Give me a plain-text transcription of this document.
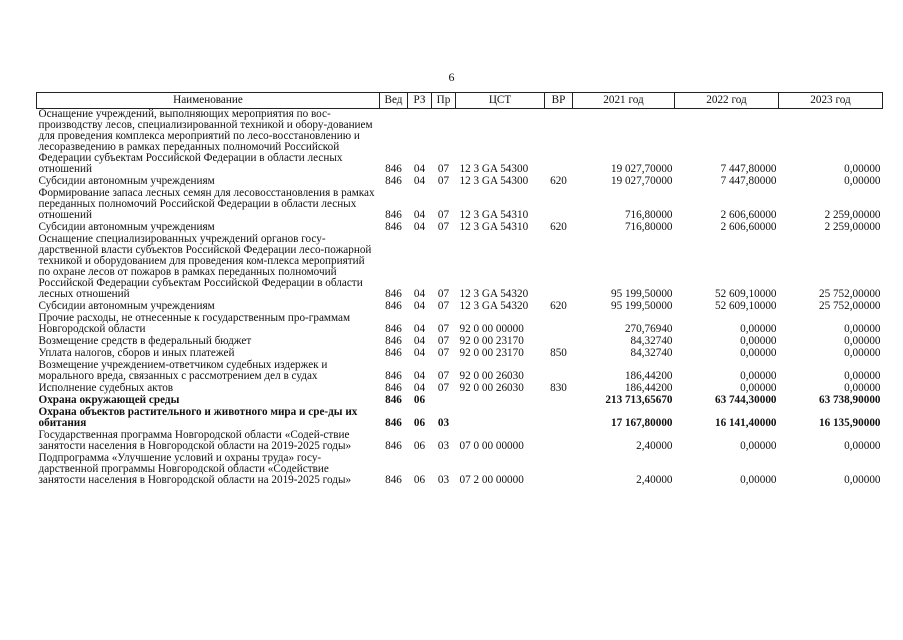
6
Наименование	Вед	РЗ	Пр	ЦСТ	ВР	2021 год	2022 год	2023 год
Оснащение учреждений, выполняющих мероприятия по вос-производству лесов, специализированной техникой и обору-дованием для проведения комплекса мероприятий по лесо-восстановлению и лесоразведению в рамках переданных полномочий Российской Федерации субъектам Российской Федерации в области лесных отношений	846	04	07	12 3 GA 54300		19 027,70000	7 447,80000	0,00000
Субсидии автономным учреждениям	846	04	07	12 3 GA 54300	620	19 027,70000	7 447,80000	0,00000
Формирование запаса лесных семян для лесовосстановления в рамках переданных полномочий Российской Федерации в области лесных отношений	846	04	07	12 3 GA 54310		716,80000	2 606,60000	2 259,00000
Субсидии автономным учреждениям	846	04	07	12 3 GA 54310	620	716,80000	2 606,60000	2 259,00000
Оснащение специализированных учреждений органов госу-дарственной власти субъектов Российской Федерации лесо-пожарной техникой и оборудованием для проведения ком-плекса мероприятий по охране лесов от пожаров в рамках переданных полномочий Российской Федерации субъектам Российской Федерации в области лесных отношений	846	04	07	12 3 GA 54320		95 199,50000	52 609,10000	25 752,00000
Субсидии автономным учреждениям	846	04	07	12 3 GA 54320	620	95 199,50000	52 609,10000	25 752,00000
Прочие расходы, не отнесенные к государственным про-граммам Новгородской области	846	04	07	92 0 00 00000		270,76940	0,00000	0,00000
Возмещение средств в федеральный бюджет	846	04	07	92 0 00 23170		84,32740	0,00000	0,00000
Уплата налогов, сборов и иных платежей	846	04	07	92 0 00 23170	850	84,32740	0,00000	0,00000
Возмещение учреждением-ответчиком судебных издержек и морального вреда, связанных с рассмотрением дел в судах	846	04	07	92 0 00 26030		186,44200	0,00000	0,00000
Исполнение судебных актов	846	04	07	92 0 00 26030	830	186,44200	0,00000	0,00000
Охрана окружающей среды	846	06				213 713,65670	63 744,30000	63 738,90000
Охрана объектов растительного и животного мира и сре-ды их обитания	846	06	03			17 167,80000	16 141,40000	16 135,90000
Государственная программа Новгородской области «Содей-ствие занятости населения в Новгородской области на 2019-2025 годы»	846	06	03	07 0 00 00000		2,40000	0,00000	0,00000
Подпрограмма «Улучшение условий и охраны труда» госу-дарственной программы Новгородской области «Содействие занятости населения в Новгородской области на 2019-2025 годы»	846	06	03	07 2 00 00000		2,40000	0,00000	0,00000
